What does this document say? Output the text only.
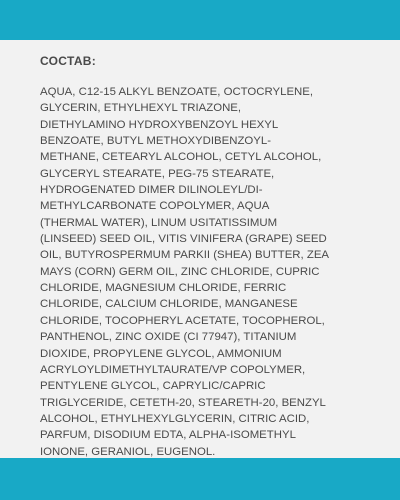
СОСТАВ:

AQUA, C12-15 ALKYL BENZOATE, OCTOCRYLENE,
GLYCERIN, ETHYLHEXYL TRIAZONE,
DIETHYLAMINO HYDROXYBENZOYL HEXYL
BENZOATE, BUTYL METHOXYDIBENZOYL-
METHANE, CETEARYL ALCOHOL, CETYL ALCOHOL,
GLYCERYL STEARATE, PEG-75 STEARATE,
HYDROGENATED DIMER DILINOLEYL/DI-
METHYLCARBONATE COPOLYMER, AQUA
(THERMAL WATER), LINUM USITATISSIMUM
(LINSEED) SEED OIL, VITIS VINIFERA (GRAPE) SEED
OIL, BUTYROSPERMUM PARKII (SHEA) BUTTER, ZEA
MAYS (CORN) GERM OIL, ZINC CHLORIDE, CUPRIC
CHLORIDE, MAGNESIUM CHLORIDE, FERRIC
CHLORIDE, CALCIUM CHLORIDE, MANGANESE
CHLORIDE, TOCOPHERYL ACETATE, TOCOPHEROL,
PANTHENOL, ZINC OXIDE (CI 77947), TITANIUM
DIOXIDE, PROPYLENE GLYCOL, AMMONIUM
ACRYLOYLDIMETHYLTAURATE/VP COPOLYMER,
PENTYLENE GLYCOL, CAPRYLIC/CAPRIC
TRIGLYCERIDE, CETETH-20, STEARETH-20, BENZYL
ALCOHOL, ETHYLHEXYLGLYCERIN, CITRIC ACID,
PARFUM, DISODIUM EDTA, ALPHA-ISOMETHYL
IONONE, GERANIOL, EUGENOL.
